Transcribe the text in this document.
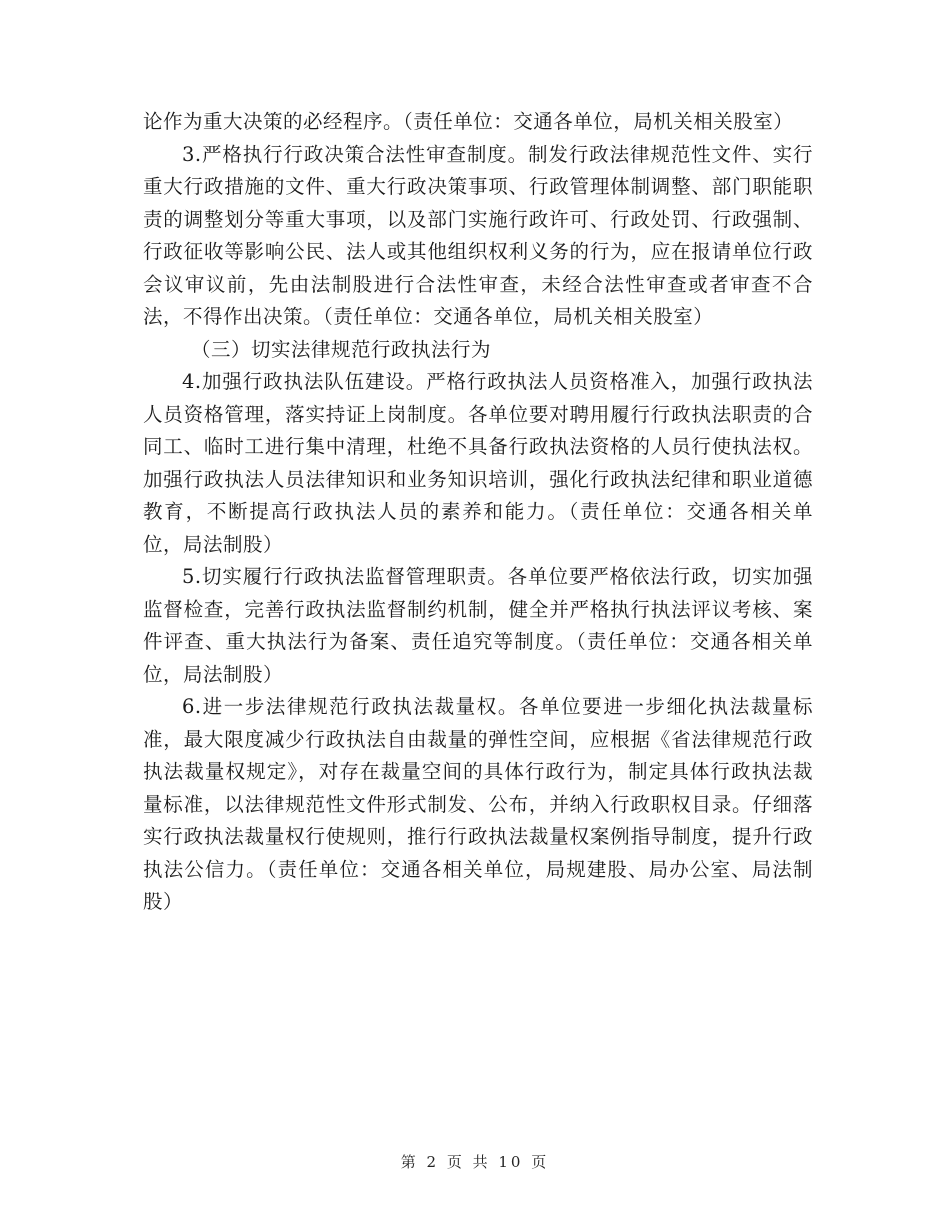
论作为重大决策的必经程序。（责任单位：交通各单位，局机关相关股室）

3.严格执行行政决策合法性审查制度。制发行政法律规范性文件、实行重大行政措施的文件、重大行政决策事项、行政管理体制调整、部门职能职责的调整划分等重大事项，以及部门实施行政许可、行政处罚、行政强制、行政征收等影响公民、法人或其他组织权利义务的行为，应在报请单位行政会议审议前，先由法制股进行合法性审查，未经合法性审查或者审查不合法，不得作出决策。（责任单位：交通各单位，局机关相关股室）

（三）切实法律规范行政执法行为

4.加强行政执法队伍建设。严格行政执法人员资格准入，加强行政执法人员资格管理，落实持证上岗制度。各单位要对聘用履行行政执法职责的合同工、临时工进行集中清理，杜绝不具备行政执法资格的人员行使执法权。加强行政执法人员法律知识和业务知识培训，强化行政执法纪律和职业道德教育，不断提高行政执法人员的素养和能力。（责任单位：交通各相关单位，局法制股）

5.切实履行行政执法监督管理职责。各单位要严格依法行政，切实加强监督检查，完善行政执法监督制约机制，健全并严格执行执法评议考核、案件评查、重大执法行为备案、责任追究等制度。（责任单位：交通各相关单位，局法制股）

6.进一步法律规范行政执法裁量权。各单位要进一步细化执法裁量标准，最大限度减少行政执法自由裁量的弹性空间，应根据《省法律规范行政执法裁量权规定》，对存在裁量空间的具体行政行为，制定具体行政执法裁量标准，以法律规范性文件形式制发、公布，并纳入行政职权目录。仔细落实行政执法裁量权行使规则，推行行政执法裁量权案例指导制度，提升行政执法公信力。（责任单位：交通各相关单位，局规建股、局办公室、局法制股）

第 2 页 共 10 页
